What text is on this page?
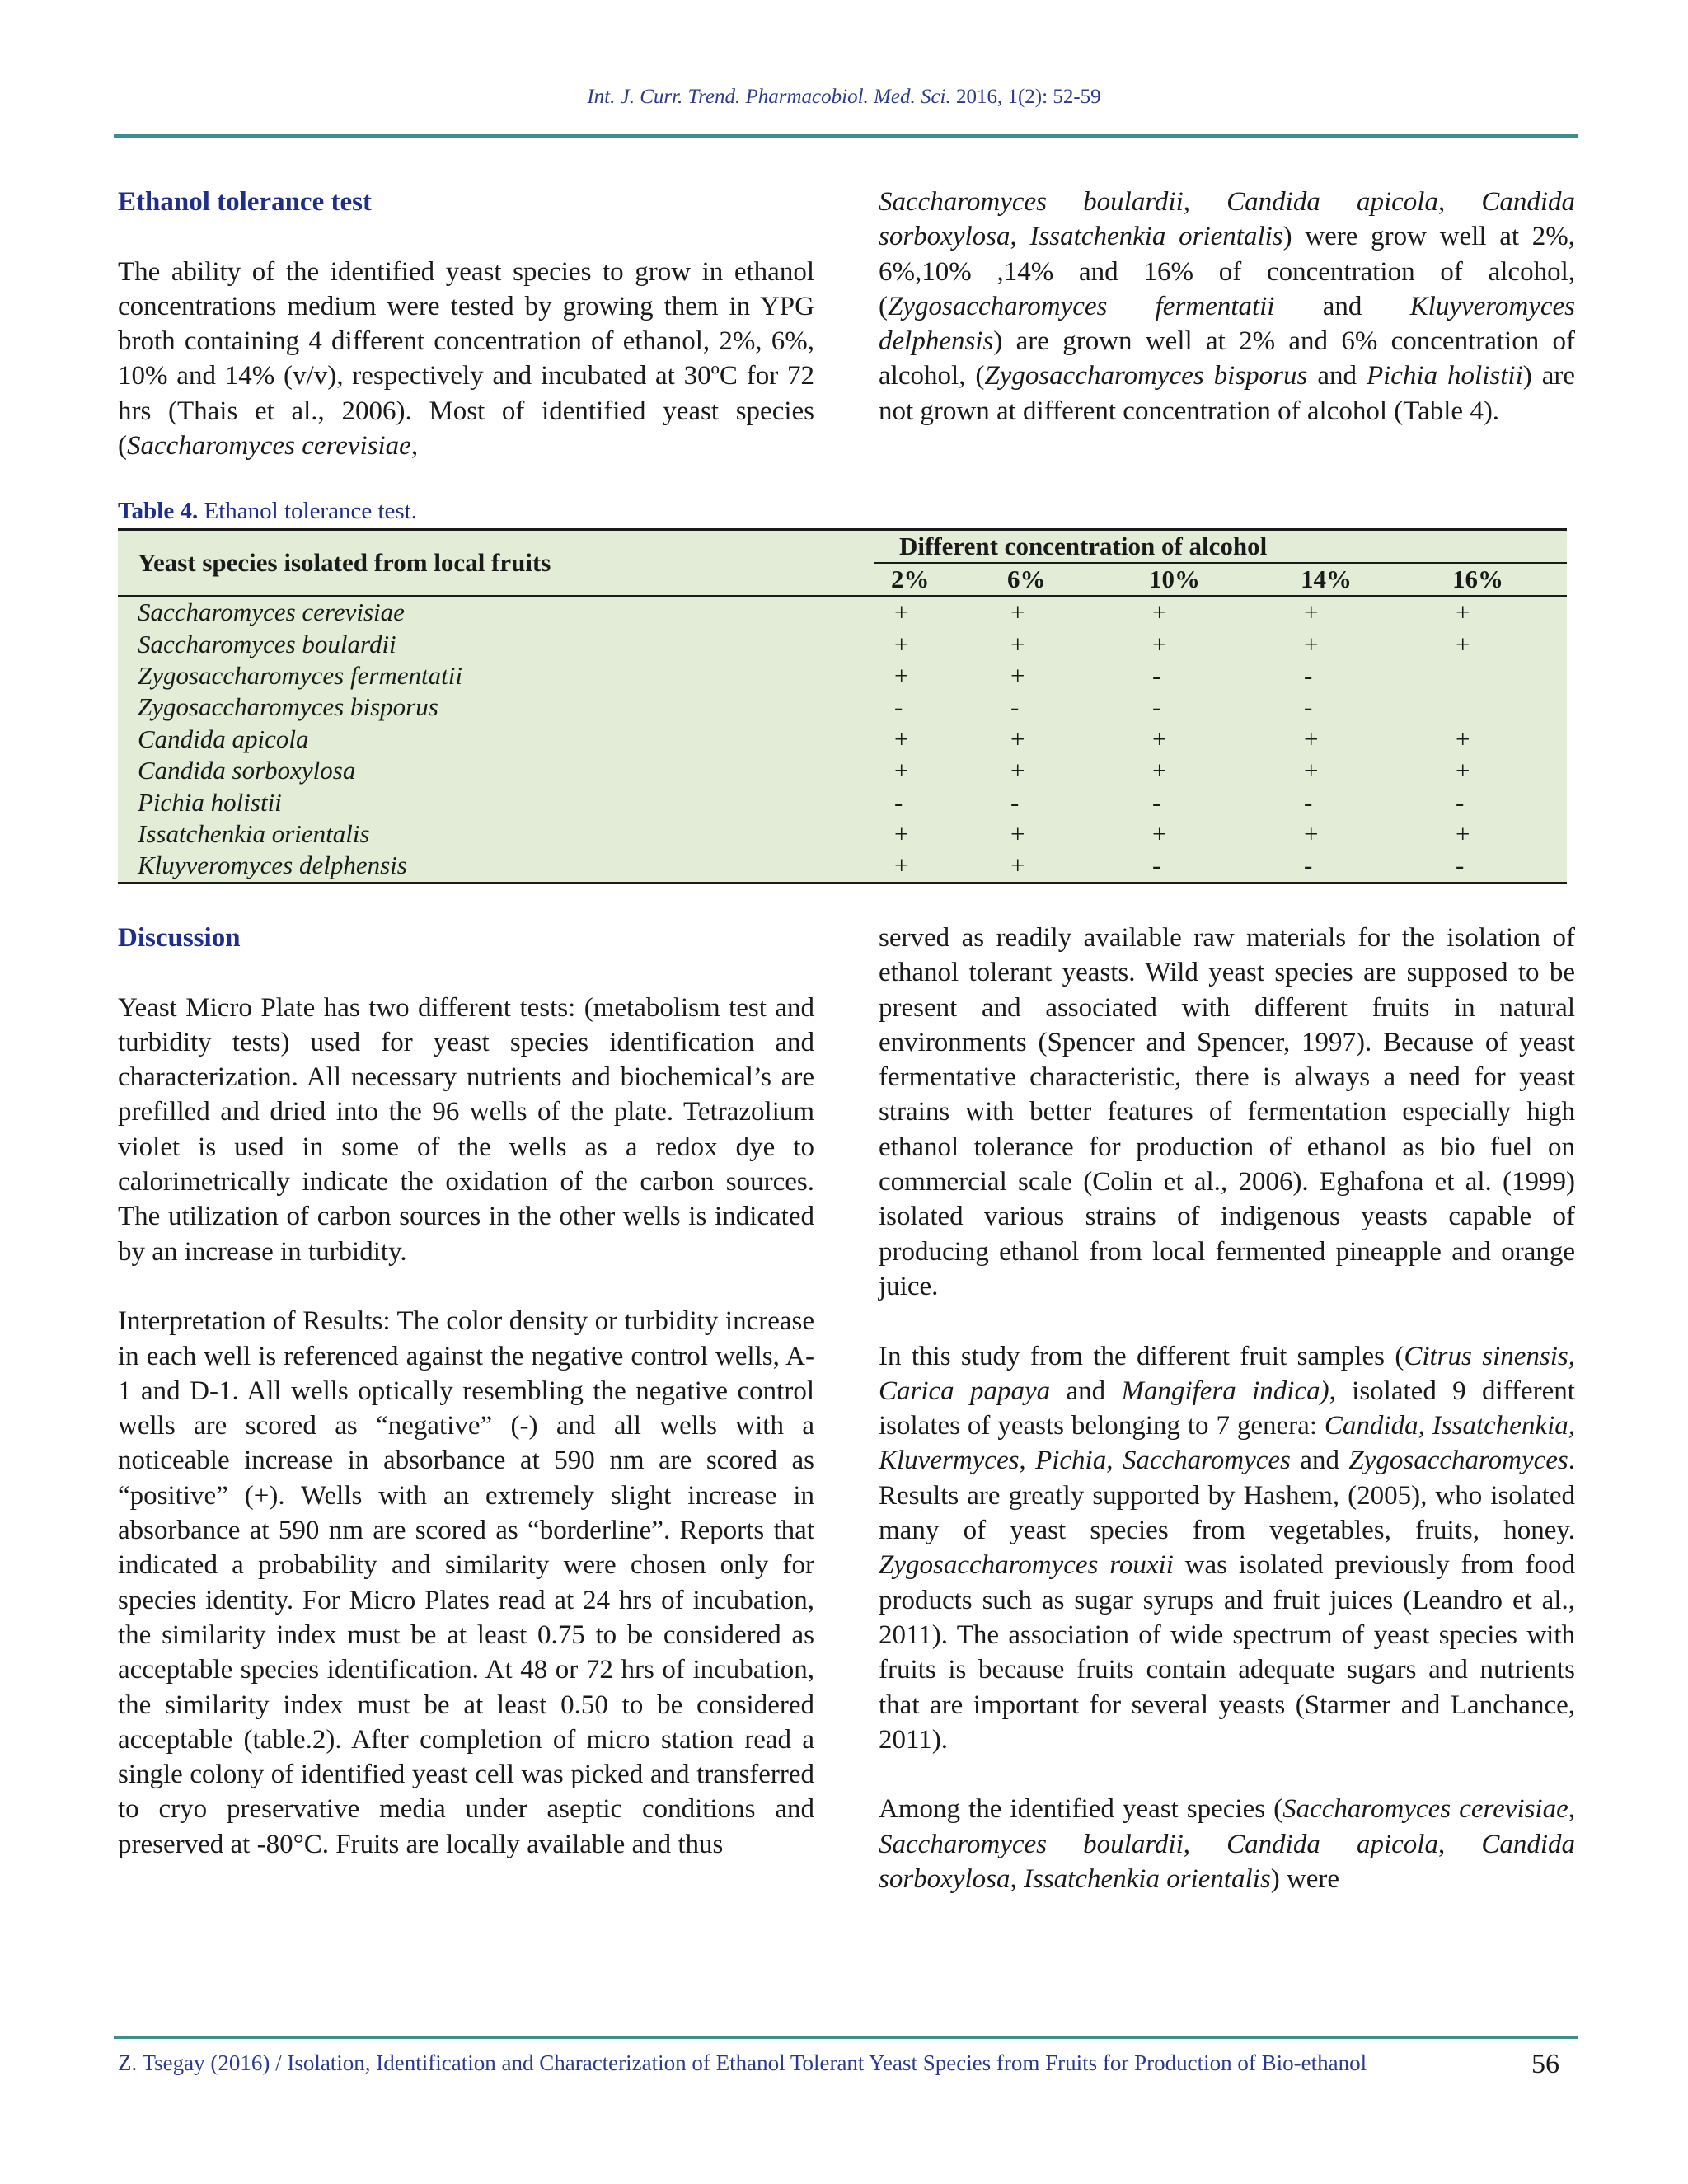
Int. J. Curr. Trend. Pharmacobiol. Med. Sci. 2016, 1(2): 52-59

Ethanol tolerance test

The ability of the identified yeast species to grow in ethanol concentrations medium were tested by growing them in YPG broth containing 4 different concentration of ethanol, 2%, 6%, 10% and 14% (v/v), respectively and incubated at 30ºC for 72 hrs (Thais et al., 2006). Most of identified yeast species (Saccharomyces cerevisiae,

Saccharomyces boulardii, Candida apicola, Candida sorboxylosa, Issatchenkia orientalis) were grow well at 2%, 6%,10% ,14% and 16% of concentration of alcohol, (Zygosaccharomyces fermentatii and Kluyveromyces delphensis) are grown well at 2% and 6% concentration of alcohol, (Zygosaccharomyces bisporus and Pichia holistii) are not grown at different concentration of alcohol (Table 4).

Table 4. Ethanol tolerance test.
Yeast species isolated from local fruits	Different concentration of alcohol				
	2%	6%	10%	14%	16%
Saccharomyces cerevisiae	+	+	+	+	+
Saccharomyces boulardii	+	+	+	+	+
Zygosaccharomyces fermentatii	+	+	-	-	
Zygosaccharomyces bisporus	-	-	-	-	
Candida apicola	+	+	+	+	+
Candida sorboxylosa	+	+	+	+	+
Pichia holistii	-	-	-	-	-
Issatchenkia orientalis	+	+	+	+	+
Kluyveromyces delphensis	+	+	-	-	-

Discussion

Yeast Micro Plate has two different tests: (metabolism test and turbidity tests) used for yeast species identification and characterization. All necessary nutrients and biochemical’s are prefilled and dried into the 96 wells of the plate. Tetrazolium violet is used in some of the wells as a redox dye to calorimetrically indicate the oxidation of the carbon sources. The utilization of carbon sources in the other wells is indicated by an increase in turbidity.

Interpretation of Results: The color density or turbidity increase in each well is referenced against the negative control wells, A-1 and D-1. All wells optically resembling the negative control wells are scored as “negative” (-) and all wells with a noticeable increase in absorbance at 590 nm are scored as “positive” (+). Wells with an extremely slight increase in absorbance at 590 nm are scored as “borderline”. Reports that indicated a probability and similarity were chosen only for species identity. For Micro Plates read at 24 hrs of incubation, the similarity index must be at least 0.75 to be considered as acceptable species identification. At 48 or 72 hrs of incubation, the similarity index must be at least 0.50 to be considered acceptable (table.2). After completion of micro station read a single colony of identified yeast cell was picked and transferred to cryo preservative media under aseptic conditions and preserved at -80°C. Fruits are locally available and thus

served as readily available raw materials for the isolation of ethanol tolerant yeasts. Wild yeast species are supposed to be present and associated with different fruits in natural environments (Spencer and Spencer, 1997). Because of yeast fermentative characteristic, there is always a need for yeast strains with better features of fermentation especially high ethanol tolerance for production of ethanol as bio fuel on commercial scale (Colin et al., 2006). Eghafona et al. (1999) isolated various strains of indigenous yeasts capable of producing ethanol from local fermented pineapple and orange juice.

In this study from the different fruit samples (Citrus sinensis, Carica papaya and Mangifera indica), isolated 9 different isolates of yeasts belonging to 7 genera: Candida, Issatchenkia, Kluvermyces, Pichia, Saccharomyces and Zygosaccharomyces. Results are greatly supported by Hashem, (2005), who isolated many of yeast species from vegetables, fruits, honey. Zygosaccharomyces rouxii was isolated previously from food products such as sugar syrups and fruit juices (Leandro et al., 2011). The association of wide spectrum of yeast species with fruits is because fruits contain adequate sugars and nutrients that are important for several yeasts (Starmer and Lanchance, 2011).

Among the identified yeast species (Saccharomyces cerevisiae, Saccharomyces boulardii, Candida apicola, Candida sorboxylosa, Issatchenkia orientalis) were

Z. Tsegay (2016) / Isolation, Identification and Characterization of Ethanol Tolerant Yeast Species from Fruits for Production of Bio-ethanol	56
